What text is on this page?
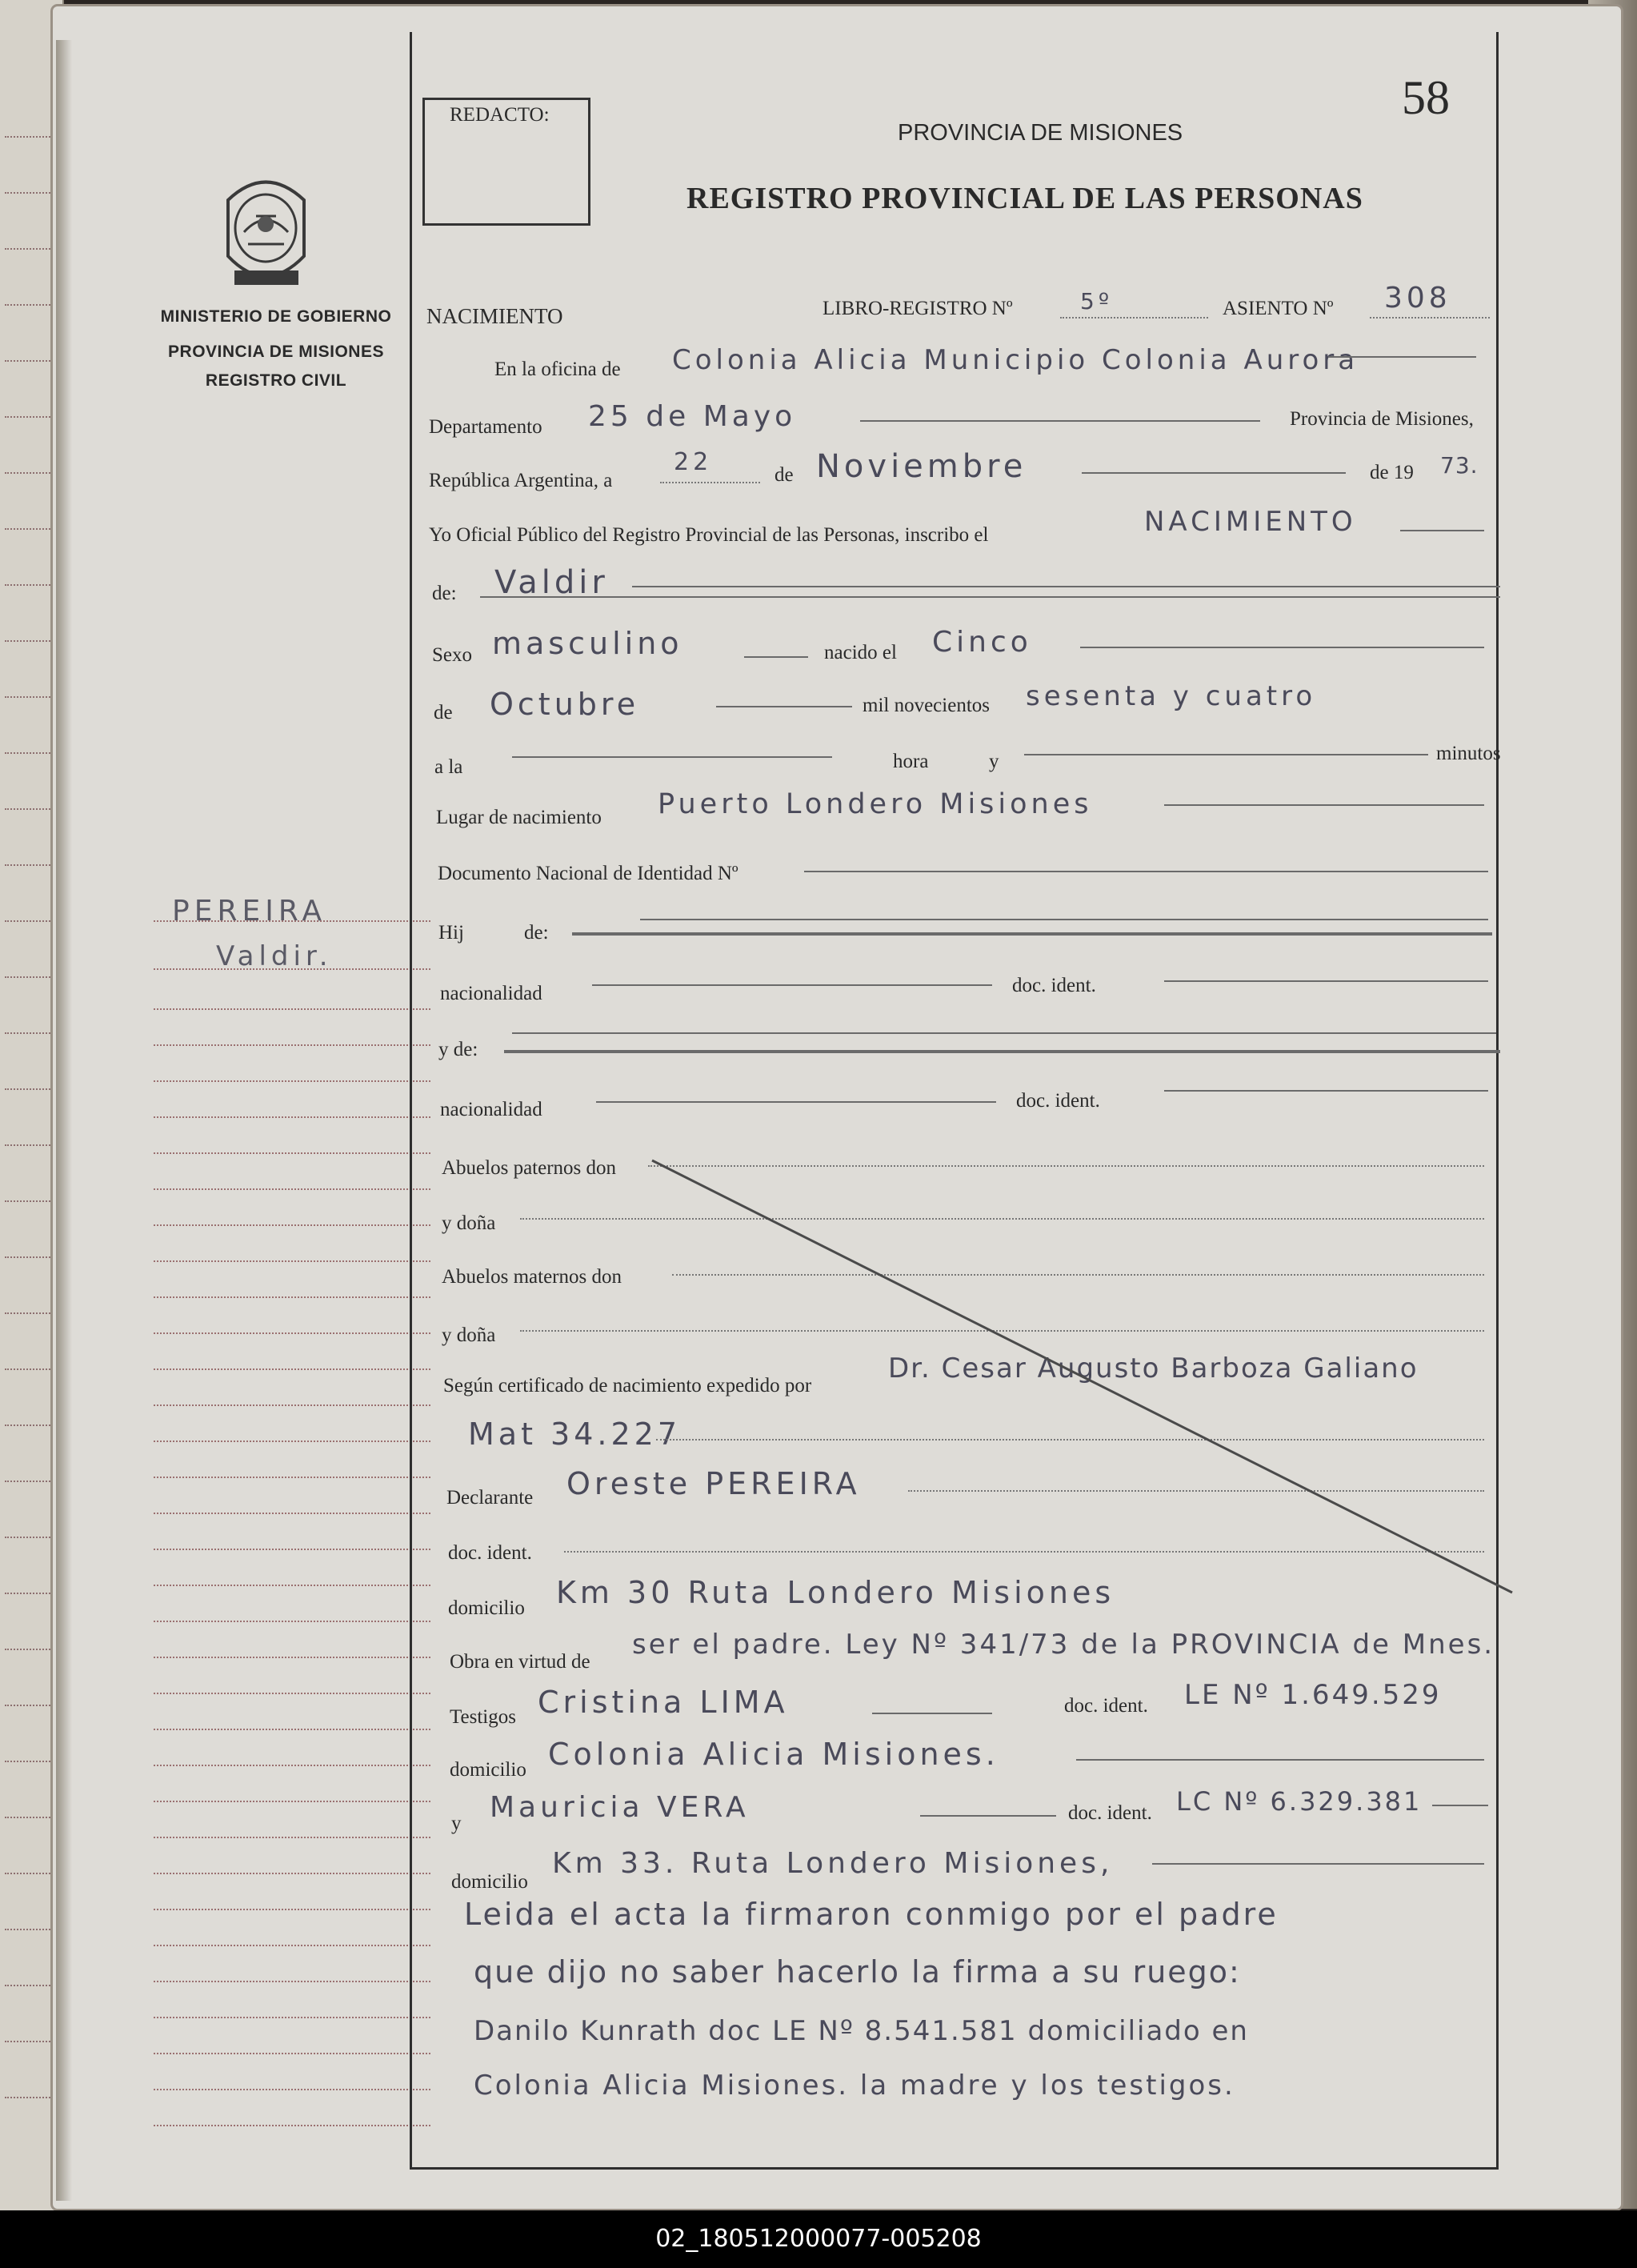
MINISTERIO DE GOBIERNO
PROVINCIA DE MISIONES
REGISTRO CIVIL
PEREIRA
Valdir.
REDACTO:	58
PROVINCIA DE MISIONES
REGISTRO PROVINCIAL DE LAS PERSONAS
NACIMIENTO	LIBRO-REGISTRO Nº	5º	ASIENTO Nº 308
En la oficina de Colonia Alicia Municipio Colonia Aurora
Departamento 25 de Mayo	Provincia de Misiones,
República Argentina, a
22	de Noviembre	de 19 73.
Yo Oficial Público del Registro Provincial de las Personas, inscribo el	NACIMIENTO
de: Valdir
Sexo masculino	nacido el Cinco
de Octubre	mil novecientos sesenta y cuatro
a la	hora	y	minutos
Lugar de nacimiento Puerto Londero Misiones
Documento Nacional de Identidad Nº
Hij	de:
nacionalidad	doc. ident.
y de:
nacionalidad	doc. ident.
Abuelos paternos don
y doña
Abuelos maternos don
y doña
Según certificado de nacimiento expedido por
Dr. Cesar Augusto Barboza Galiano
Mat 34.227
Declarante Oreste PEREIRA
doc. ident.
domicilio Km 30 Ruta Londero Misiones
Obra en virtud de
ser el padre. Ley Nº 341/73 de la PROVINCIA de Mnes.
Testigos Cristina LIMA	doc. ident. LE Nº 1.649.529
domicilio Colonia Alicia Misiones.
y Mauricia VERA	doc. ident. LC Nº 6.329.381
domicilio
Km 33. Ruta Londero Misiones,
Leida el acta la firmaron conmigo por el padre
que dijo no saber hacerlo la firma a su ruego:
Danilo Kunrath doc LE Nº 8.541.581 domiciliado en
Colonia Alicia Misiones. la madre y los testigos.
02_180512000077-005208
